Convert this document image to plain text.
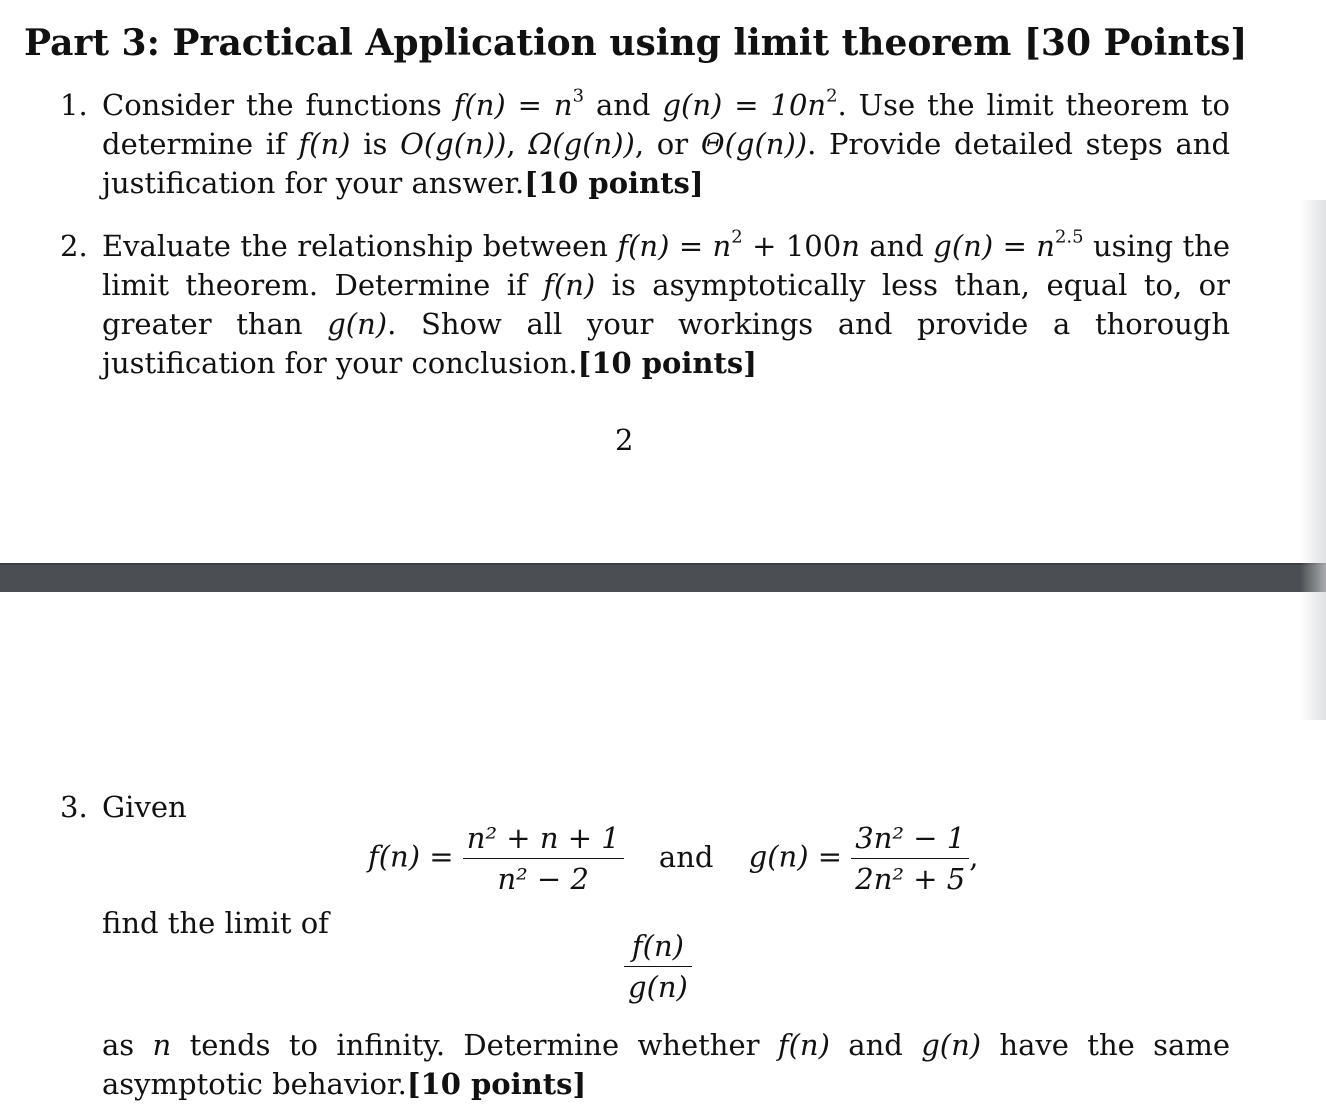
Part 3: Practical Application using limit theorem [30 Points]
1. Consider the functions $f(n) = n^3$ and $g(n) = 10n^2$. Use the limit theorem to determine if f(n) is O(g(n)), Ω(g(n)), or Θ(g(n)). Provide detailed steps and justification for your answer.[10 points]
2. Evaluate the relationship between $f(n) = n^2 + 100n$ and $g(n) = n^{2.5}$ using the limit theorem. Determine if f(n) is asymptotically less than, equal to, or greater than g(n). Show all your workings and provide a thorough justification for your conclusion.[10 points]
2
3. Given
$f(n) = \frac{\text{n² + n + 1}}{\text{n² − 2}}$ and $g(n) = \frac{\text{3n² − 1}}{\text{2n² + 5}}$ ,
find the limit of
$\frac{f(n)}{g(n)}$
as n tends to infinity. Determine whether f(n) and g(n) have the same asymptotic behavior.[10 points]
